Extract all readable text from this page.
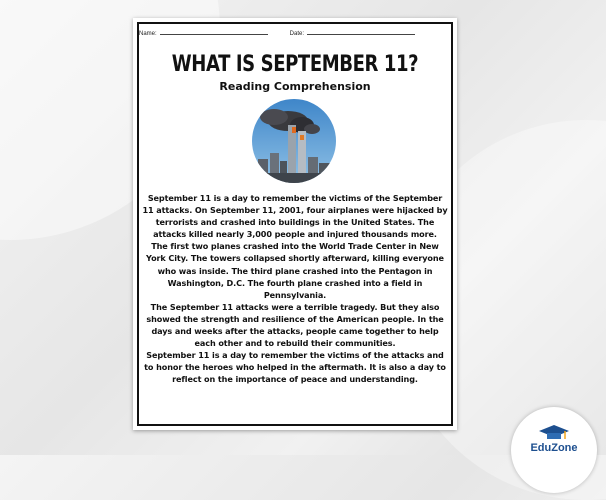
Name:	Date:
WHAT IS SEPTEMBER 11?
Reading Comprehension

September 11 is a day to remember the victims of the September 11 attacks. On September 11, 2001, four airplanes were hijacked by terrorists and crashed into buildings in the United States. The attacks killed nearly 3,000 people and injured thousands more.

The first two planes crashed into the World Trade Center in New York City. The towers collapsed shortly afterward, killing everyone who was inside. The third plane crashed into the Pentagon in Washington, D.C. The fourth plane crashed into a field in Pennsylvania.

The September 11 attacks were a terrible tragedy. But they also showed the strength and resilience of the American people. In the days and weeks after the attacks, people came together to help each other and to rebuild their communities.

September 11 is a day to remember the victims of the attacks and to honor the heroes who helped in the aftermath. It is also a day to reflect on the importance of peace and understanding.

EduZone
